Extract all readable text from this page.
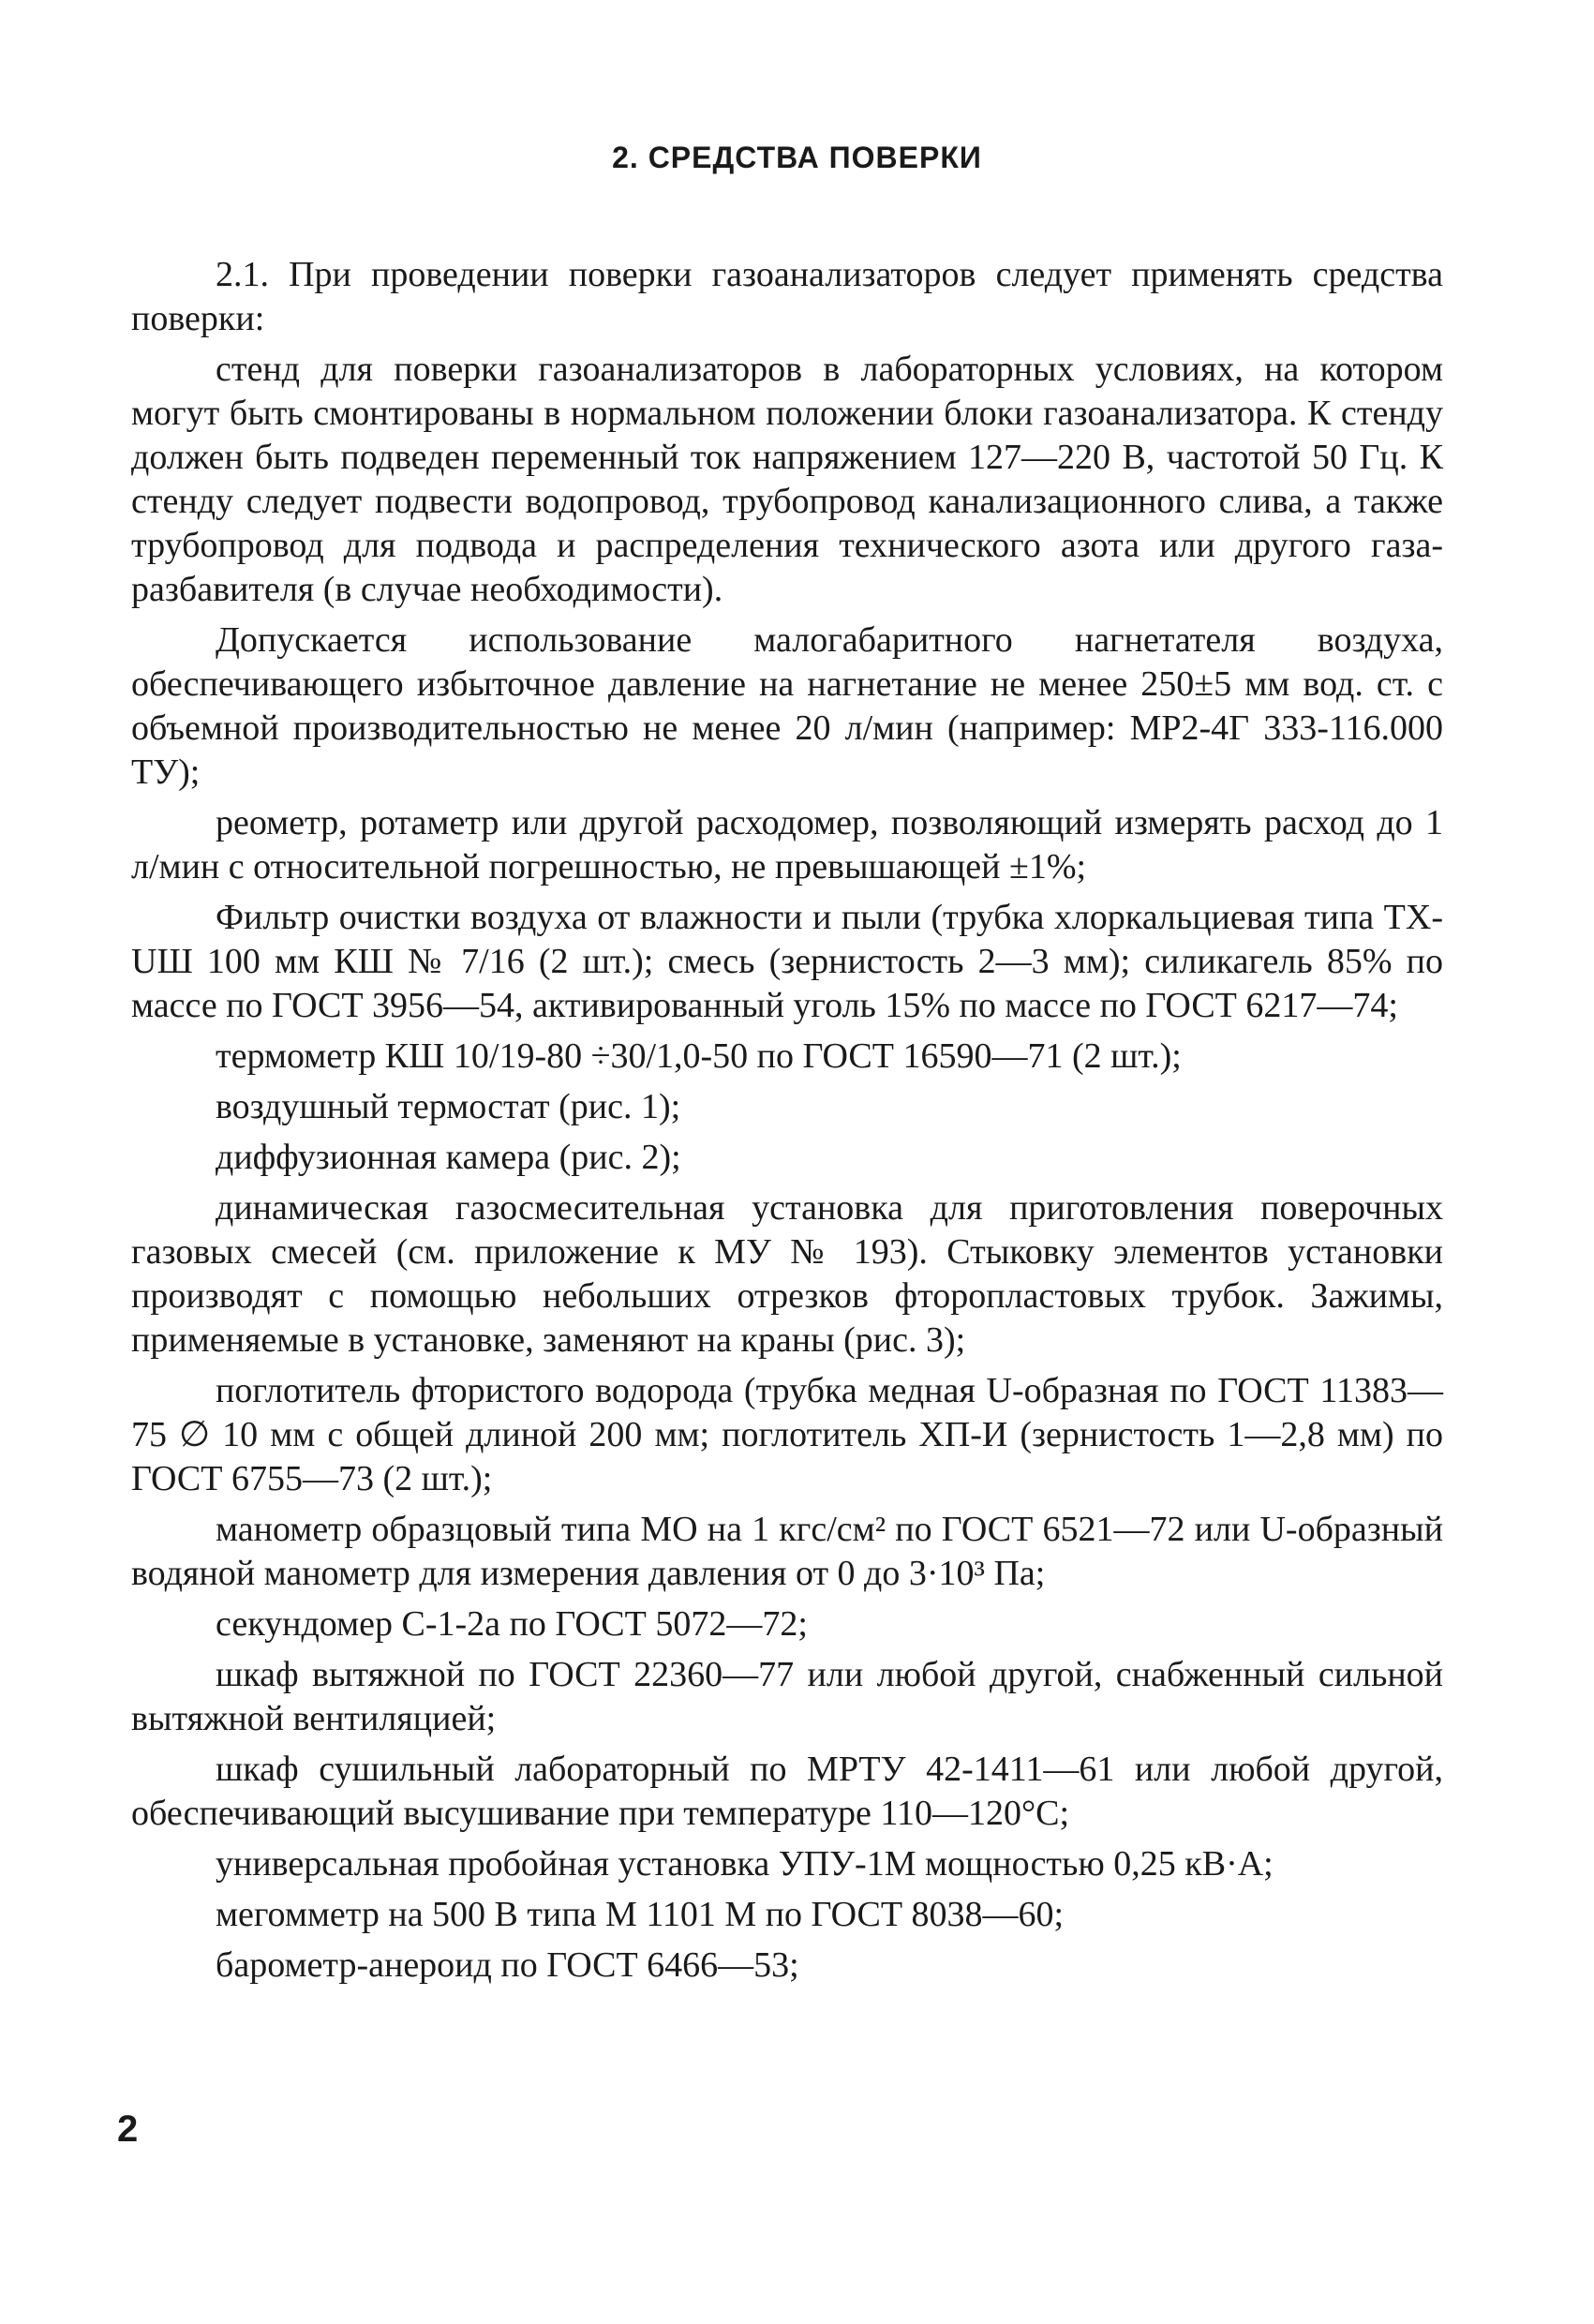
2. СРЕДСТВА ПОВЕРКИ

2.1. При проведении поверки газоанализаторов следует применять средства поверки:

стенд для поверки газоанализаторов в лабораторных условиях, на котором могут быть смонтированы в нормальном положении блоки газоанализатора. К стенду должен быть подведен переменный ток напряжением 127—220 В, частотой 50 Гц. К стенду следует подвести водопровод, трубопровод канализационного слива, а также трубопровод для подвода и распределения технического азота или другого газа-разбавителя (в случае необходимости).

Допускается использование малогабаритного нагнетателя воздуха, обеспечивающего избыточное давление на нагнетание не менее 250±5 мм вод. ст. с объемной производительностью не менее 20 л/мин (например: МР2-4Г 333-116.000 ТУ);

реометр, ротаметр или другой расходомер, позволяющий измерять расход до 1 л/мин с относительной погрешностью, не превышающей ±1%;

Фильтр очистки воздуха от влажности и пыли (трубка хлоркальциевая типа ТХ-UШ 100 мм КШ № 7/16 (2 шт.); смесь (зернистость 2—3 мм); силикагель 85% по массе по ГОСТ 3956—54, активированный уголь 15% по массе по ГОСТ 6217—74;

термометр КШ 10/19-80 ÷30/1,0-50 по ГОСТ 16590—71 (2 шт.);

воздушный термостат (рис. 1);

диффузионная камера (рис. 2);

динамическая газосмесительная установка для приготовления поверочных газовых смесей (см. приложение к МУ № 193). Стыковку элементов установки производят с помощью небольших отрезков фторопластовых трубок. Зажимы, применяемые в установке, заменяют на краны (рис. 3);

поглотитель фтористого водорода (трубка медная U-образная по ГОСТ 11383—75 ∅ 10 мм с общей длиной 200 мм; поглотитель ХП-И (зернистость 1—2,8 мм) по ГОСТ 6755—73 (2 шт.);

манометр образцовый типа МО на 1 кгс/см² по ГОСТ 6521—72 или U-образный водяной манометр для измерения давления от 0 до 3·10³ Па;

секундомер С-1-2а по ГОСТ 5072—72;

шкаф вытяжной по ГОСТ 22360—77 или любой другой, снабженный сильной вытяжной вентиляцией;

шкаф сушильный лабораторный по МРТУ 42-1411—61 или любой другой, обеспечивающий высушивание при температуре 110—120°С;

универсальная пробойная установка УПУ-1М мощностью 0,25 кВ·А;

мегомметр на 500 В типа М 1101 М по ГОСТ 8038—60;

барометр-анероид по ГОСТ 6466—53;

2
